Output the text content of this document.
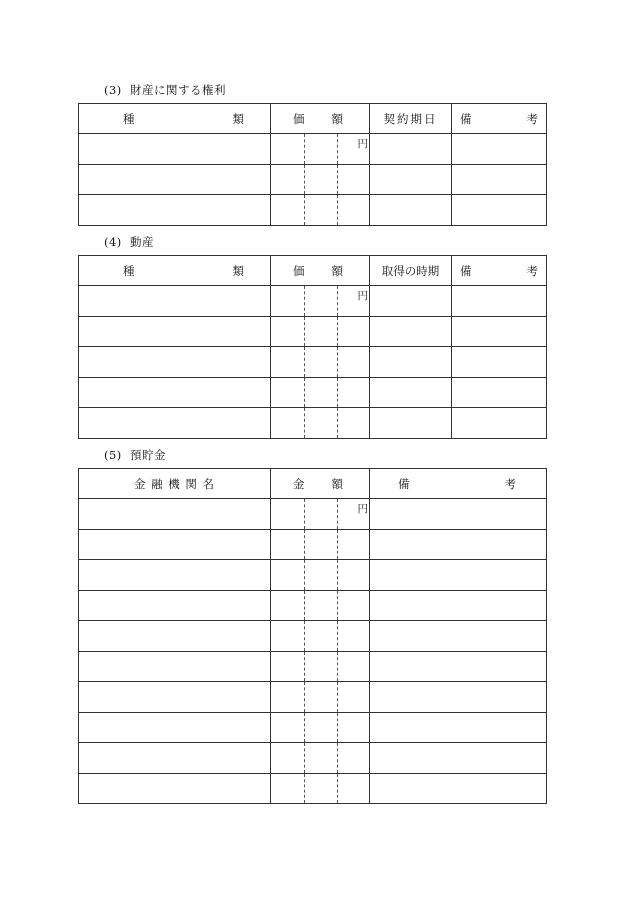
(3) 財産に関する権利
種 類	価 額	契約期日	備 考

	円		

(4) 動産
種 類	価 額	取得の時期	備 考

	円		

(5) 預貯金
金 融 機 関 名	金 額	備 考

	円	
